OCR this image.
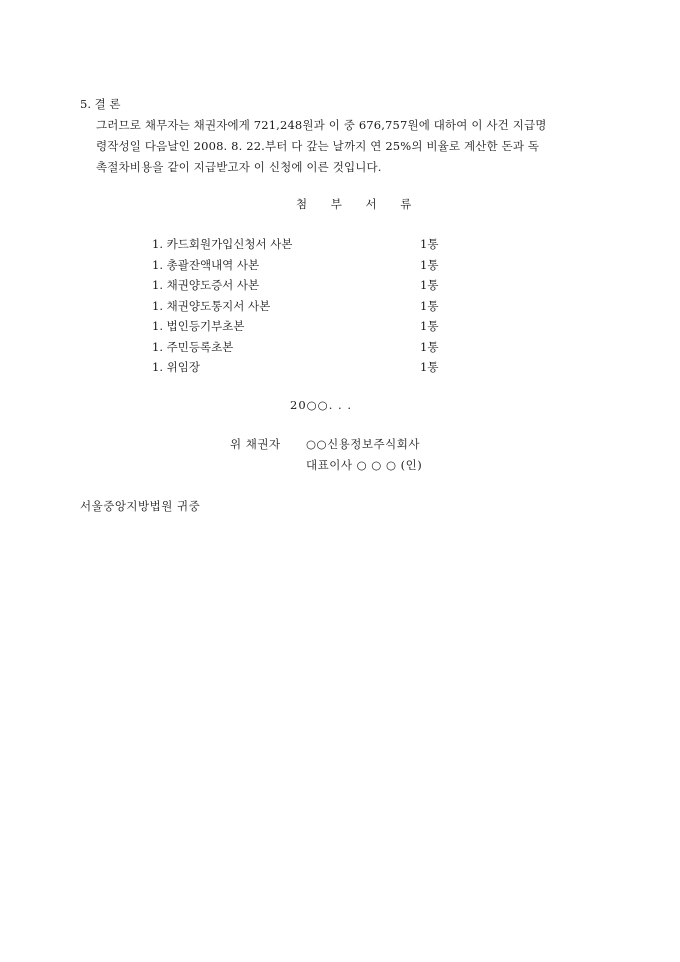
5. 결 론
그러므로 채무자는 채권자에게 721,248원과 이 중 676,757원에 대하여 이 사건 지급명
령작성일 다음날인 2008. 8. 22.부터 다 갚는 날까지 연 25%의 비율로 계산한 돈과 독
촉절차비용을 같이 지급받고자 이 신청에 이른 것입니다.
첨 부 서 류
1. 카드회원가입신청서 사본	1통
1. 총괄잔액내역 사본	1통
1. 채권양도증서 사본	1통
1. 채권양도통지서 사본	1통
1. 법인등기부초본	1통
1. 주민등록초본	1통
1. 위임장	1통
20○○. . .
위 채권자 ○○신용정보주식회사
대표이사 ○ ○ ○ (인)
서울중앙지방법원 귀중
